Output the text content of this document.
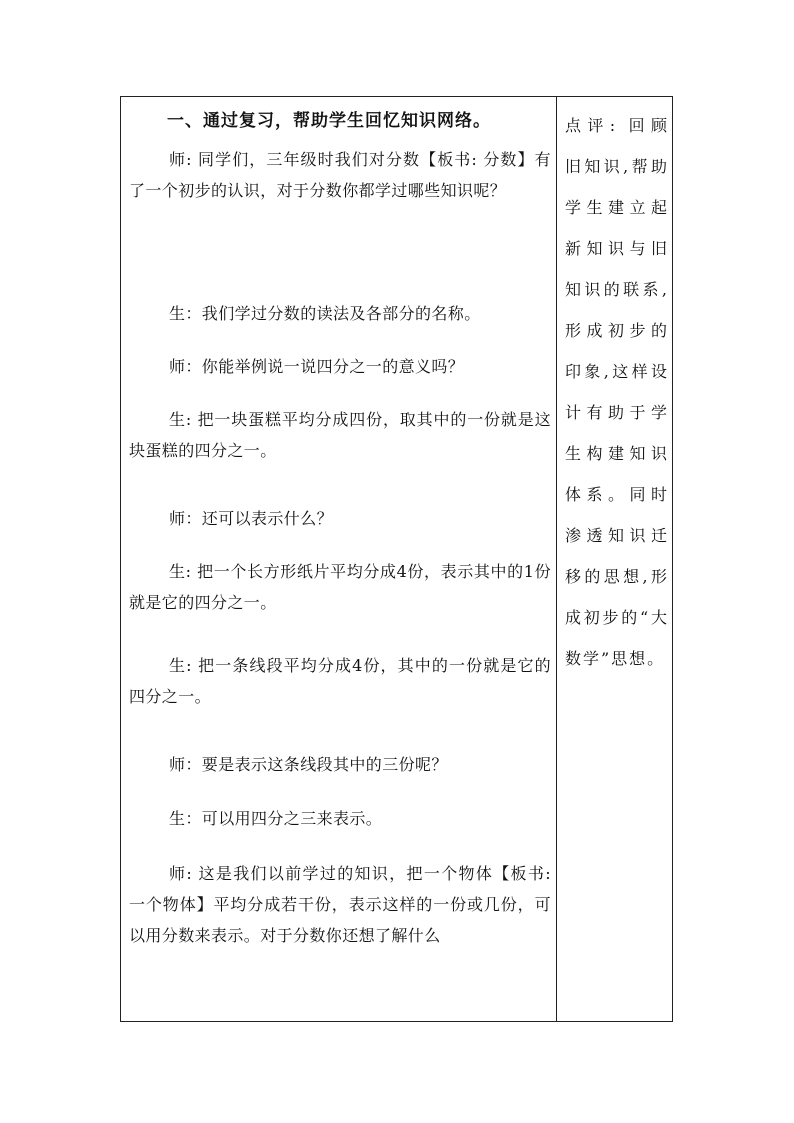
一、通过复习，帮助学生回忆知识网络。
师: 同学们，三年级时我们对分数【板书: 分数】有了一个初步的认识，对于分数你都学过哪些知识呢？
生：我们学过分数的读法及各部分的名称。
师：你能举例说一说四分之一的意义吗？
生: 把一块蛋糕平均分成四份，取其中的一份就是这块蛋糕的四分之一。
师：还可以表示什么？
生: 把一个长方形纸片平均分成4份，表示其中的1份就是它的四分之一。
生: 把一条线段平均分成4份，其中的一份就是它的四分之一。
师：要是表示这条线段其中的三份呢？
生：可以用四分之三来表示。
师: 这是我们以前学过的知识，把一个物体【板书: 一个物体】平均分成若干份，表示这样的一份或几份，可以用分数来表示。对于分数你还想了解什么
点评: 回顾旧知识,帮助学生建立起新知识与旧知识的联系,形成初步的印象,这样设计有助于学生构建知识体系。同时渗透知识迁移的思想,形成初步的“大数学”思想。
